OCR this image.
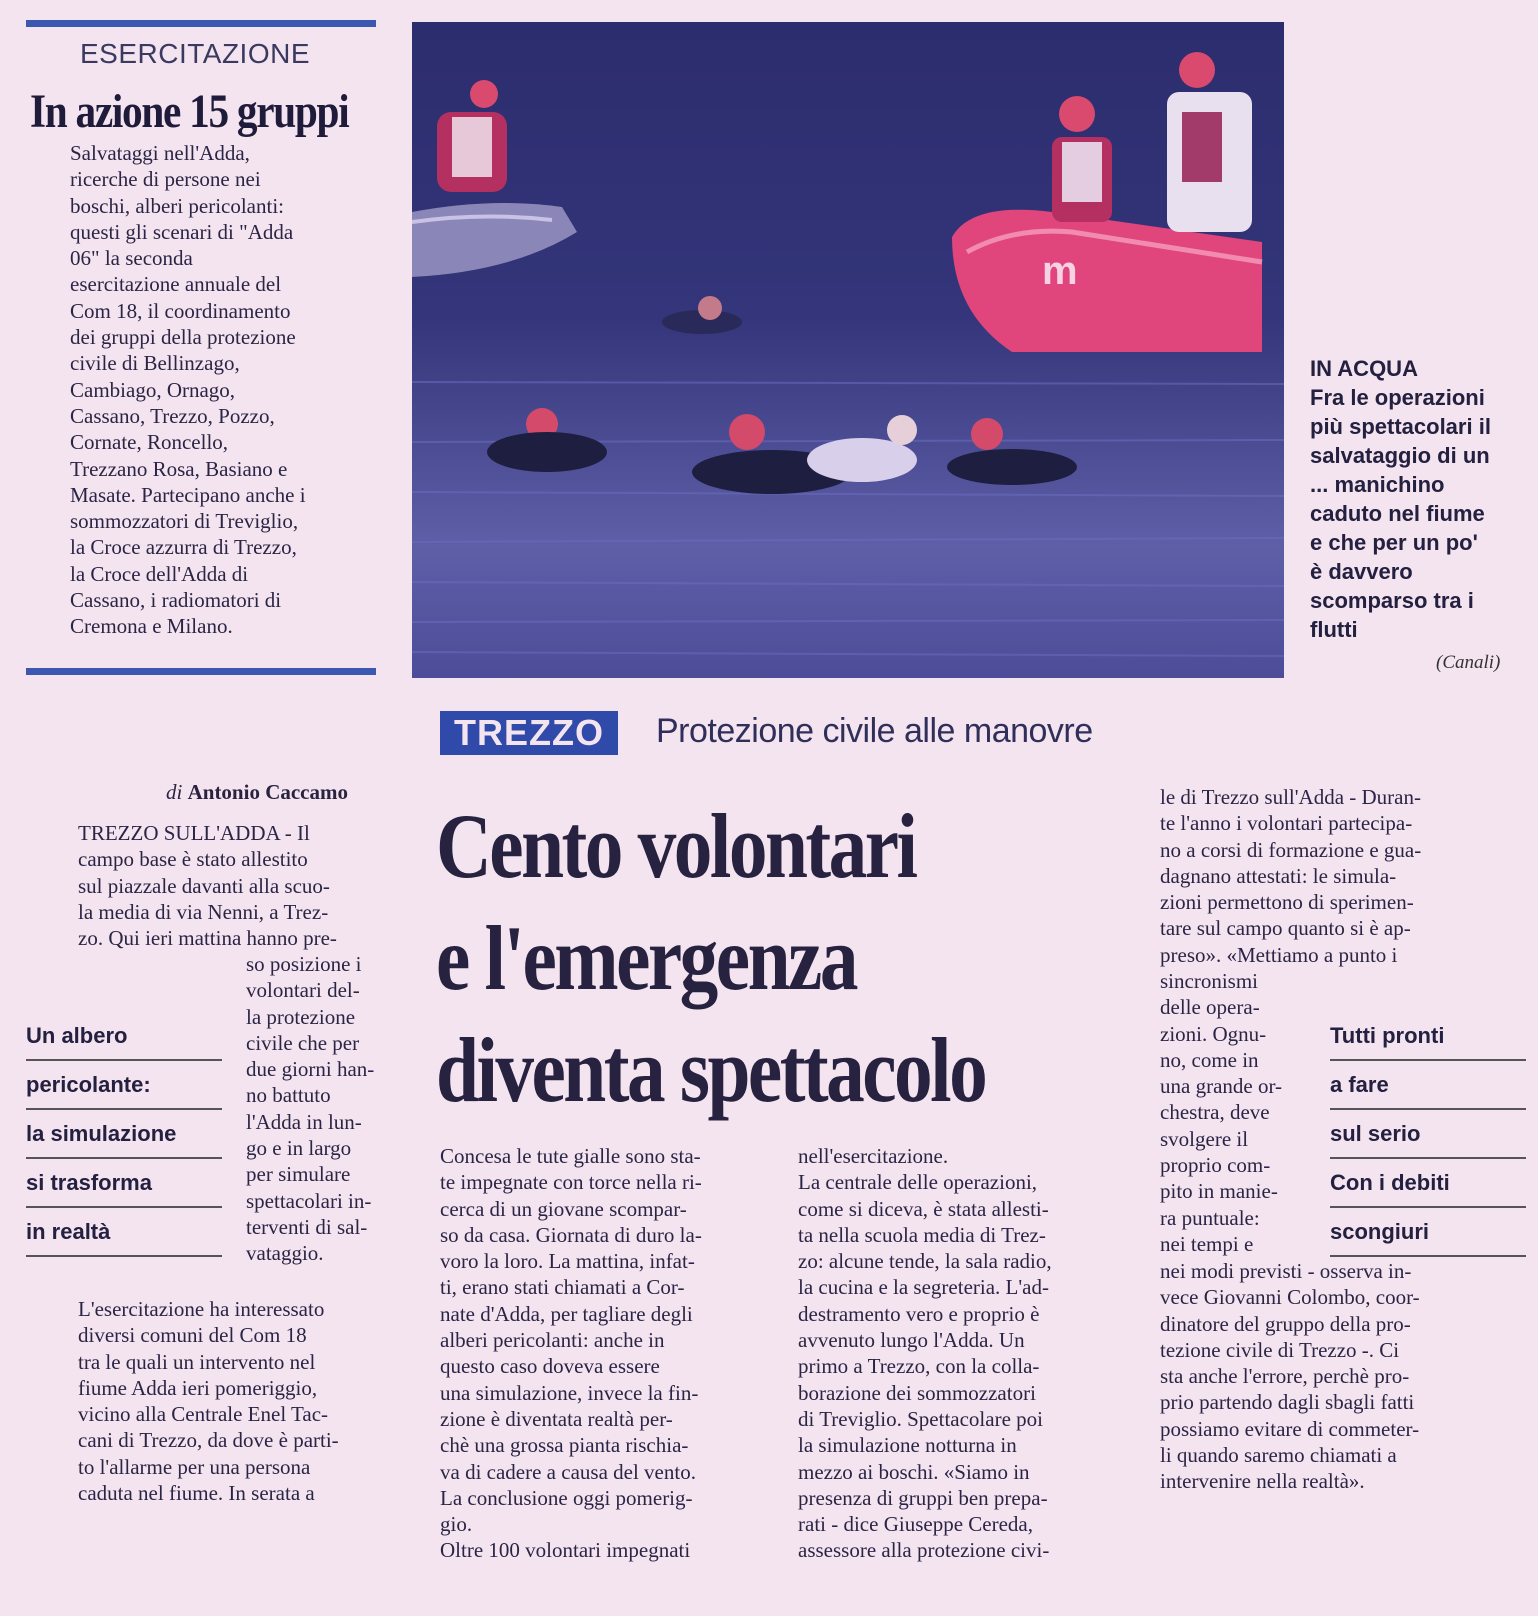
ESERCITAZIONE
In azione 15 gruppi
Salvataggi nell'Adda,
ricerche di persone nei
boschi, alberi pericolanti:
questi gli scenari di "Adda
06" la seconda
esercitazione annuale del
Com 18, il coordinamento
dei gruppi della protezione
civile di Bellinzago,
Cambiago, Ornago,
Cassano, Trezzo, Pozzo,
Cornate, Roncello,
Trezzano Rosa, Basiano e
Masate. Partecipano anche i
sommozzatori di Treviglio,
la Croce azzurra di Trezzo,
la Croce dell'Adda di
Cassano, i radiomatori di
Cremona e Milano.
m
IN ACQUA
Fra le operazioni
più spettacolari il
salvataggio di un
... manichino
caduto nel fiume
e che per un po'
è davvero
scomparso tra i
flutti
(Canali)
TREZZO	Protezione civile alle manovre
Cento volontari
e l'emergenza
diventa spettacolo
di Antonio Caccamo
TREZZO SULL'ADDA - Il
campo base è stato allestito
sul piazzale davanti alla scuo-
la media di via Nenni, a Trez-
zo. Qui ieri mattina hanno pre-
so posizione i
volontari del-
la protezione
civile che per
due giorni han-
no battuto
l'Adda in lun-
go e in largo
per simulare
spettacolari in-
terventi di sal-
vataggio.
L'esercitazione ha interessato
diversi comuni del Com 18
tra le quali un intervento nel
fiume Adda ieri pomeriggio,
vicino alla Centrale Enel Tac-
cani di Trezzo, da dove è parti-
to l'allarme per una persona
caduta nel fiume. In serata a
Un albero
pericolante:
la simulazione
si trasforma
in realtà
Concesa le tute gialle sono sta-
te impegnate con torce nella ri-
cerca di un giovane scompar-
so da casa. Giornata di duro la-
voro la loro. La mattina, infat-
ti, erano stati chiamati a Cor-
nate d'Adda, per tagliare degli
alberi pericolanti: anche in
questo caso doveva essere
una simulazione, invece la fin-
zione è diventata realtà per-
chè una grossa pianta rischia-
va di cadere a causa del vento.
La conclusione oggi pomerig-
gio.
Oltre 100 volontari impegnati
nell'esercitazione.
La centrale delle operazioni,
come si diceva, è stata allesti-
ta nella scuola media di Trez-
zo: alcune tende, la sala radio,
la cucina e la segreteria. L'ad-
destramento vero e proprio è
avvenuto lungo l'Adda. Un
primo a Trezzo, con la colla-
borazione dei sommozzatori
di Treviglio. Spettacolare poi
la simulazione notturna in
mezzo ai boschi. «Siamo in
presenza di gruppi ben prepa-
rati - dice Giuseppe Cereda,
assessore alla protezione civi-
le di Trezzo sull'Adda - Duran-
te l'anno i volontari partecipa-
no a corsi di formazione e gua-
dagnano attestati: le simula-
zioni permettono di sperimen-
tare sul campo quanto si è ap-
preso». «Mettiamo a punto i
sincronismi
delle opera-
zioni. Ognu-
no, come in
una grande or-
chestra, deve
svolgere il
proprio com-
pito in manie-
ra puntuale:
nei tempi e
nei modi previsti - osserva in-
vece Giovanni Colombo, coor-
dinatore del gruppo della pro-
tezione civile di Trezzo -. Ci
sta anche l'errore, perchè pro-
prio partendo dagli sbagli fatti
possiamo evitare di commeter-
li quando saremo chiamati a
intervenire nella realtà».
Tutti pronti
a fare
sul serio
Con i debiti
scongiuri
